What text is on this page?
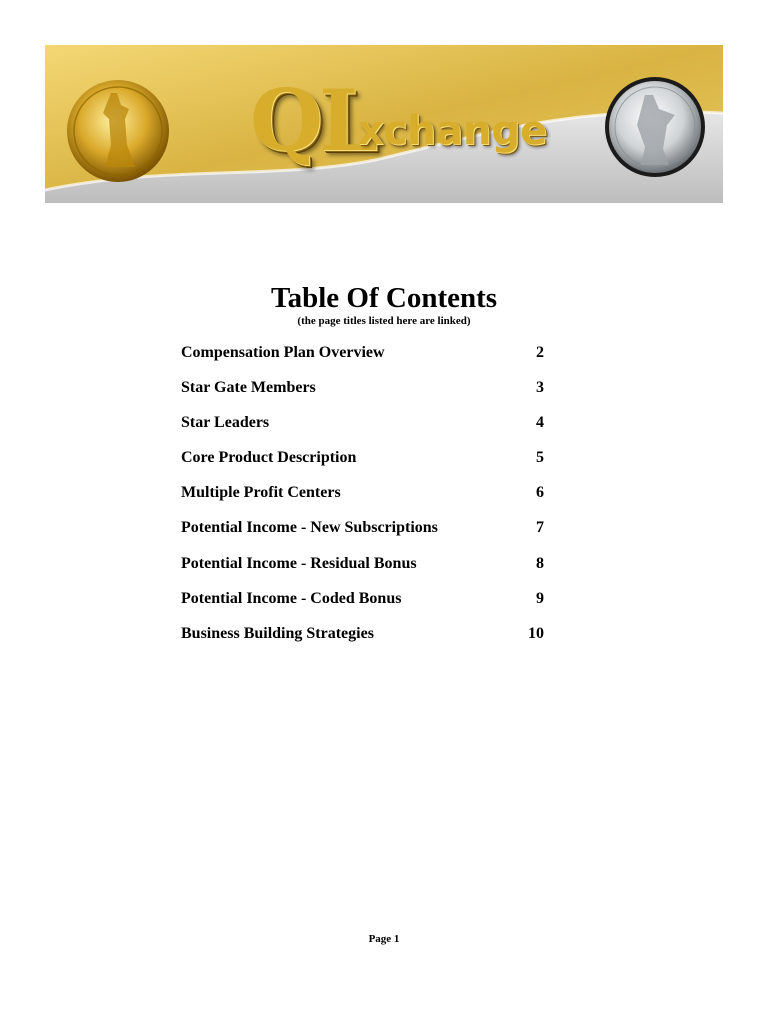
QL
xchange
Table Of Contents
(the page titles listed here are linked)
Compensation Plan Overview	2
Star Gate Members	3
Star Leaders	4
Core Product Description	5
Multiple Profit Centers	6
Potential Income - New Subscriptions	7
Potential Income - Residual Bonus	8
Potential Income - Coded Bonus	9
Business Building Strategies	10
Page 1
